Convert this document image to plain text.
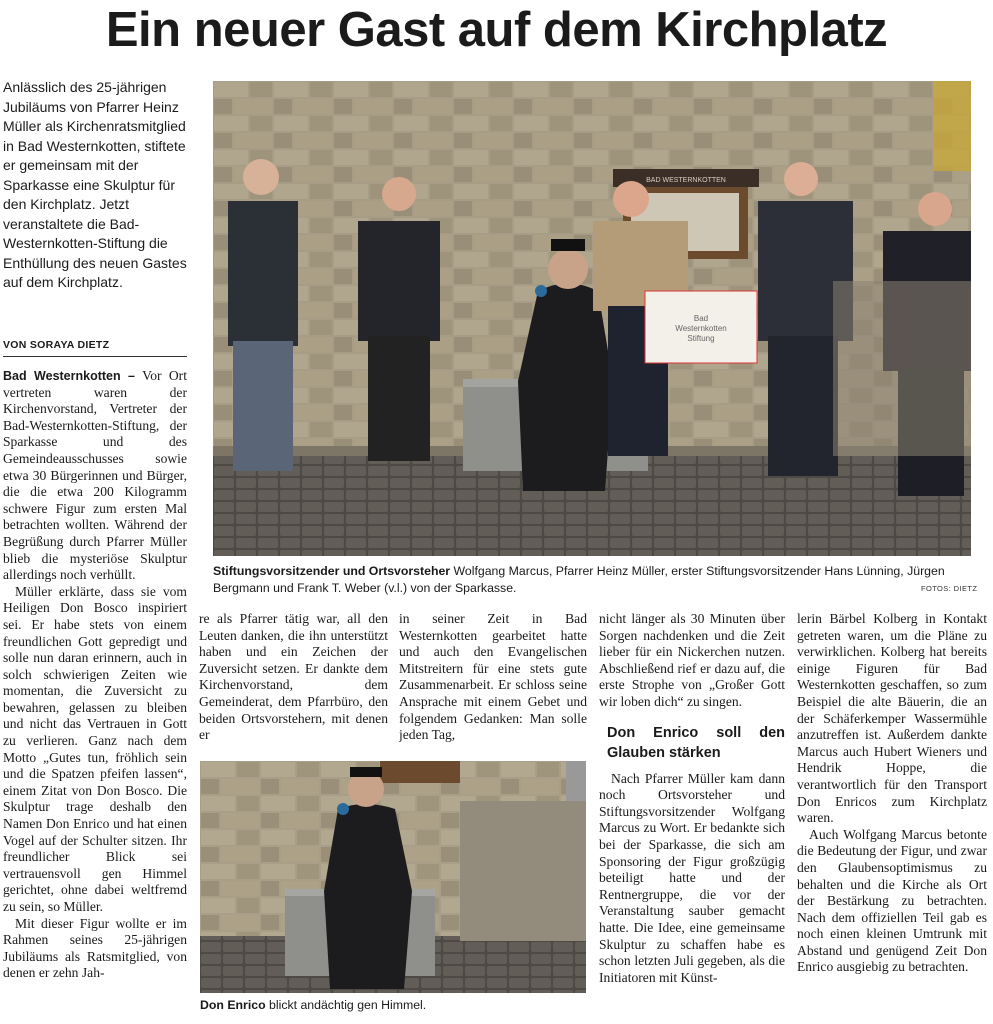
Ein neuer Gast auf dem Kirchplatz
Anlässlich des 25-jährigen Jubiläums von Pfarrer Heinz Müller als Kirchenratsmitglied in Bad Westernkotten, stiftete er gemeinsam mit der Sparkasse eine Skulptur für den Kirchplatz. Jetzt veranstaltete die Bad-Westernkotten-Stiftung die Enthüllung des neuen Gastes auf dem Kirchplatz.
VON SORAYA DIETZ

Bad Westernkotten – Vor Ort vertreten waren der Kirchenvorstand, Vertreter der Bad-Westernkotten-Stiftung, der Sparkasse und des Gemeindeausschusses sowie etwa 30 Bürgerinnen und Bürger, die die etwa 200 Kilogramm schwere Figur zum ersten Mal betrachten wollten. Während der Begrüßung durch Pfarrer Müller blieb die mysteriöse Skulptur allerdings noch verhüllt.

Müller erklärte, dass sie vom Heiligen Don Bosco inspiriert sei. Er habe stets von einem freundlichen Gott gepredigt und solle nun daran erinnern, auch in solch schwierigen Zeiten wie momentan, die Zuversicht zu bewahren, gelassen zu bleiben und nicht das Vertrauen in Gott zu verlieren. Ganz nach dem Motto „Gutes tun, fröhlich sein und die Spatzen pfeifen lassen“, einem Zitat von Don Bosco. Die Skulptur trage deshalb den Namen Don Enrico und hat einen Vogel auf der Schulter sitzen. Ihr freundlicher Blick sei vertrauensvoll gen Himmel gerichtet, ohne dabei weltfremd zu sein, so Müller.

Mit dieser Figur wollte er im Rahmen seines 25-jährigen Jubiläums als Ratsmitglied, von denen er zehn Jah-

re als Pfarrer tätig war, all den Leuten danken, die ihn unterstützt haben und ein Zeichen der Zuversicht setzen. Er dankte dem Kirchenvorstand, dem Gemeinderat, dem Pfarrbüro, den beiden Ortsvorstehern, mit denen er

in seiner Zeit in Bad Westernkotten gearbeitet hatte und auch den Evangelischen Mitstreitern für eine stets gute Zusammenarbeit. Er schloss seine Ansprache mit einem Gebet und folgendem Gedanken: Man solle jeden Tag,

nicht länger als 30 Minuten über Sorgen nachdenken und die Zeit lieber für ein Nickerchen nutzen. Abschließend rief er dazu auf, die erste Strophe von „Großer Gott wir loben dich“ zu singen.

Don Enrico soll den Glauben stärken

Nach Pfarrer Müller kam dann noch Ortsvorsteher und Stiftungsvorsitzender Wolfgang Marcus zu Wort. Er bedankte sich bei der Sparkasse, die sich am Sponsoring der Figur großzügig beteiligt hatte und der Rentnergruppe, die vor der Veranstaltung sauber gemacht hatte. Die Idee, eine gemeinsame Skulptur zu schaffen habe es schon letzten Juli gegeben, als die Initiatoren mit Künst-

lerin Bärbel Kolberg in Kontakt getreten waren, um die Pläne zu verwirklichen. Kolberg hat bereits einige Figuren für Bad Westernkotten geschaffen, so zum Beispiel die alte Bäuerin, die an der Schäferkemper Wassermühle anzutreffen ist. Außerdem dankte Marcus auch Hubert Wieners und Hendrik Hoppe, die verantwortlich für den Transport Don Enricos zum Kirchplatz waren.

Auch Wolfgang Marcus betonte die Bedeutung der Figur, und zwar den Glaubensoptimismus zu behalten und die Kirche als Ort der Bestärkung zu betrachten. Nach dem offiziellen Teil gab es noch einen kleinen Umtrunk mit Abstand und genügend Zeit Don Enrico ausgiebig zu betrachten.

BAD WESTERNKOTTEN
Bad
Westernkotten
Stiftung
Stiftungsvorsitzender und Ortsvorsteher Wolfgang Marcus, Pfarrer Heinz Müller, erster Stiftungsvorsitzender Hans Lünning, Jürgen Bergmann und Frank T. Weber (v.l.) von der Sparkasse.	FOTOS: DIETZ
Don Enrico blickt andächtig gen Himmel.
